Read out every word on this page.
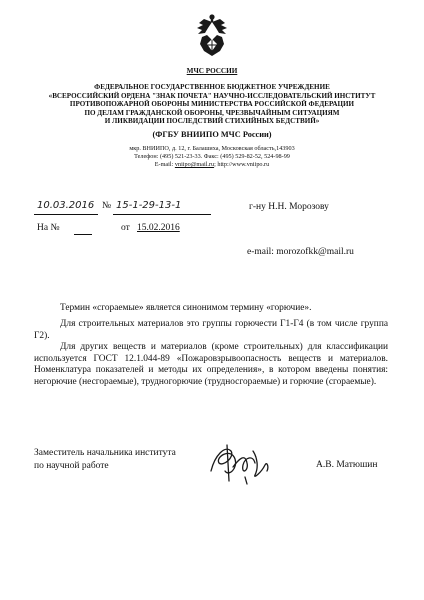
МЧС РОССИИ
ФЕДЕРАЛЬНОЕ ГОСУДАРСТВЕННОЕ БЮДЖЕТНОЕ УЧРЕЖДЕНИЕ
«ВСЕРОССИЙСКИЙ ОРДЕНА "ЗНАК ПОЧЕТА" НАУЧНО-ИССЛЕДОВАТЕЛЬСКИЙ ИНСТИТУТ
ПРОТИВОПОЖАРНОЙ ОБОРОНЫ МИНИСТЕРСТВА РОССИЙСКОЙ ФЕДЕРАЦИИ
ПО ДЕЛАМ ГРАЖДАНСКОЙ ОБОРОНЫ, ЧРЕЗВЫЧАЙНЫМ СИТУАЦИЯМ
И ЛИКВИДАЦИИ ПОСЛЕДСТВИЙ СТИХИЙНЫХ БЕДСТВИЙ»
(ФГБУ ВНИИПО МЧС России)
мкр. ВНИИПО, д. 12, г. Балашиха, Московская область,143903
Телефон: (495) 521-23-33. Факс: (495) 529-82-52, 524-98-99
E-mail: vniipo@mail.ru; http://www.vniipo.ru
10.03.2016 № 15-1-29-13-1	г-ну Н.Н. Морозову
На №	от 15.02.2016
e-mail: morozofkk@mail.ru
Термин «сгораемые» является синонимом термину «горючие».
Для строительных материалов это группы горючести Г1-Г4 (в том числе группа Г2).
Для других веществ и материалов (кроме строительных) для классификации используется ГОСТ 12.1.044-89 «Пожаровзрывоопасность веществ и материалов. Номенклатура показателей и методы их определения», в котором введены понятия: негорючие (несгораемые), трудногорючие (трудносгораемые) и горючие (сгораемые).
Заместитель начальника института
по научной работе	А.В. Матюшин
